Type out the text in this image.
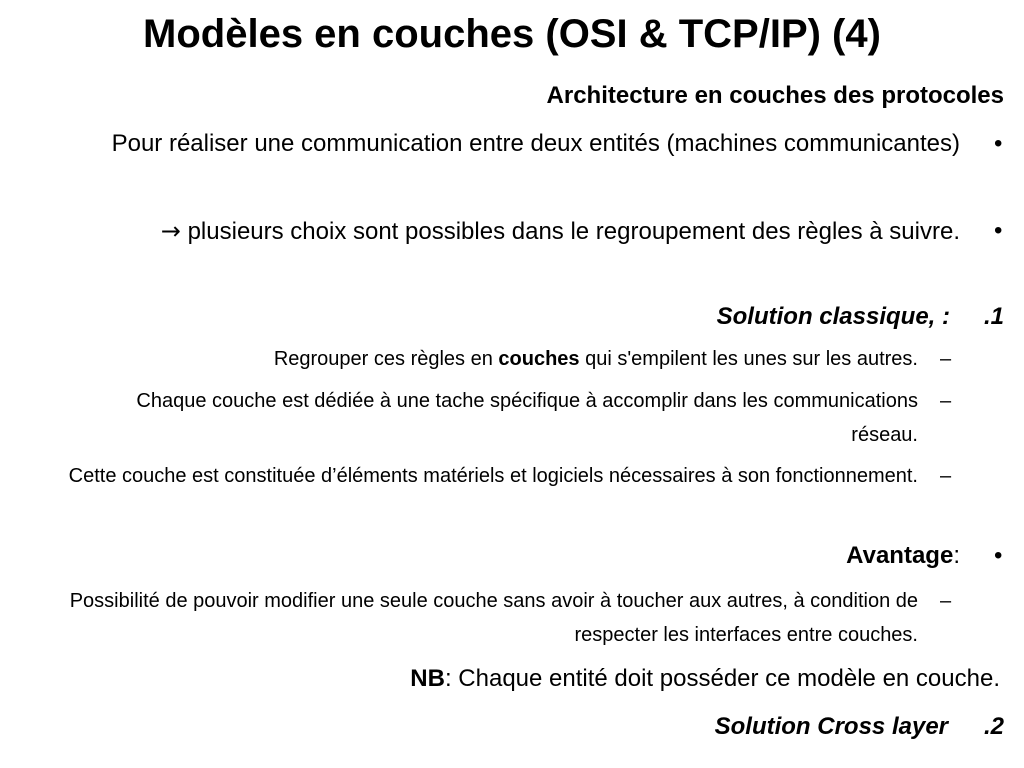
Modèles en couches (OSI & TCP/IP) (4)
Architecture en couches des protocoles
Pour réaliser une communication entre deux entités (machines communicantes) •
→ plusieurs choix sont possibles dans le regroupement des règles à suivre. •
Solution classique, : .1
Regrouper ces règles en couches qui s'empilent les unes sur les autres. –
Chaque couche est dédiée à une tache spécifique à accomplir dans les communications réseau.
–
Cette couche est constituée d’éléments matériels et logiciels nécessaires à son fonctionnement. –
Avantage: •
Possibilité de pouvoir modifier une seule couche sans avoir à toucher aux autres, à condition de respecter les interfaces entre couches.
–
NB: Chaque entité doit posséder ce modèle en couche.
Solution Cross layer .2
